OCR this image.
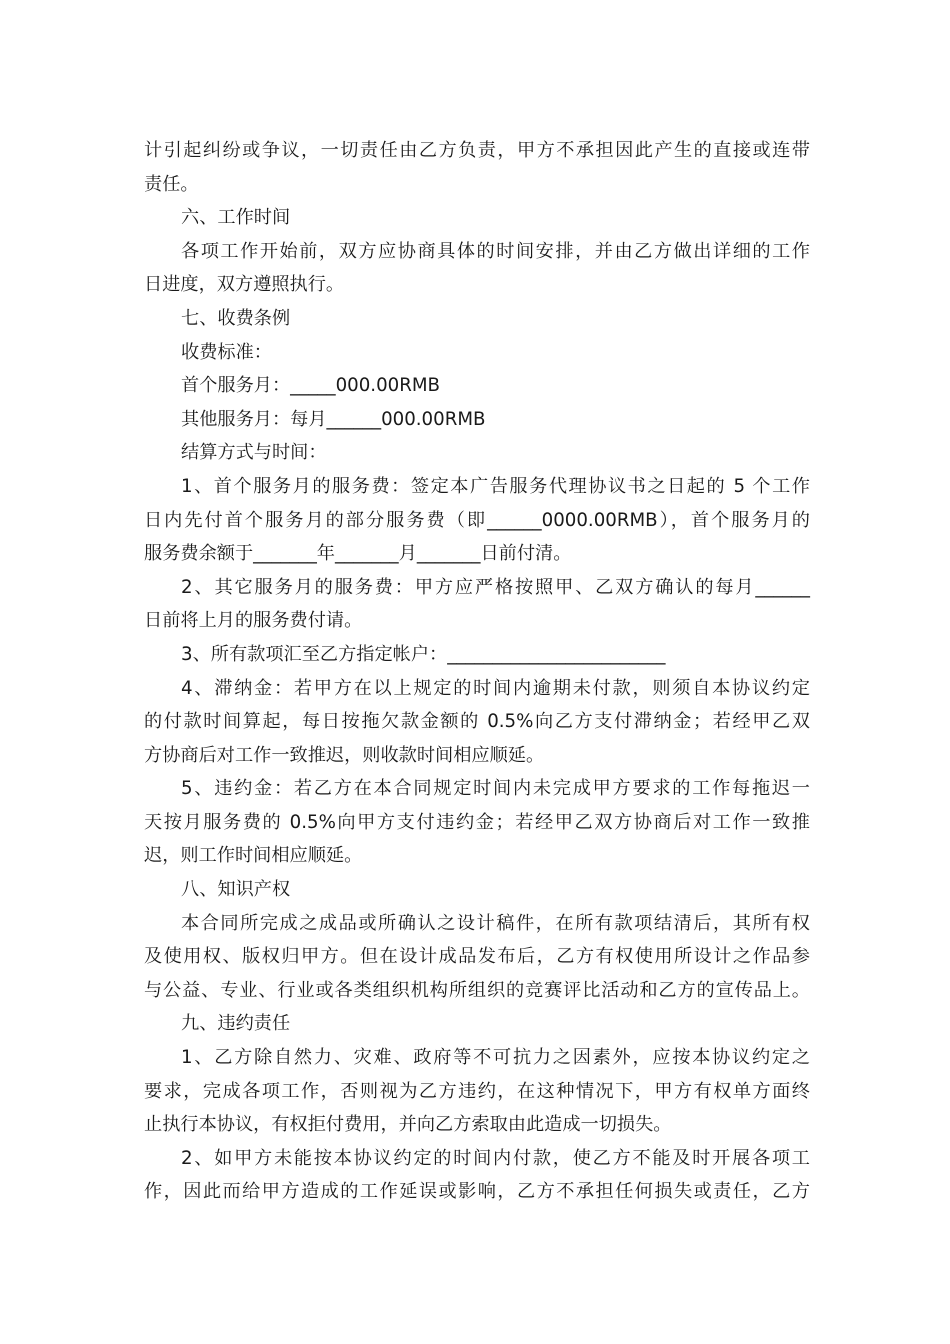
计引起纠纷或争议，一切责任由乙方负责，甲方不承担因此产生的直接或连带
责任。
六、工作时间
各项工作开始前，双方应协商具体的时间安排，并由乙方做出详细的工作
日进度，双方遵照执行。
七、收费条例
收费标准：
首个服务月：_____000.00RMB
其他服务月：每月______000.00RMB
结算方式与时间：
1、首个服务月的服务费：签定本广告服务代理协议书之日起的 5 个工作
日内先付首个服务月的部分服务费（即______0000.00RMB），首个服务月的
服务费余额于_______年_______月_______日前付清。
2、其它服务月的服务费：甲方应严格按照甲、乙双方确认的每月______
日前将上月的服务费付请。
3、所有款项汇至乙方指定帐户：________________________
4、滞纳金：若甲方在以上规定的时间内逾期未付款，则须自本协议约定
的付款时间算起，每日按拖欠款金额的 0.5%向乙方支付滞纳金；若经甲乙双
方协商后对工作一致推迟，则收款时间相应顺延。
5、违约金：若乙方在本合同规定时间内未完成甲方要求的工作每拖迟一
天按月服务费的 0.5%向甲方支付违约金；若经甲乙双方协商后对工作一致推
迟，则工作时间相应顺延。
八、知识产权
本合同所完成之成品或所确认之设计稿件，在所有款项结清后，其所有权
及使用权、版权归甲方。但在设计成品发布后，乙方有权使用所设计之作品参
与公益、专业、行业或各类组织机构所组织的竞赛评比活动和乙方的宣传品上。
九、违约责任
1、乙方除自然力、灾难、政府等不可抗力之因素外，应按本协议约定之
要求，完成各项工作，否则视为乙方违约，在这种情况下，甲方有权单方面终
止执行本协议，有权拒付费用，并向乙方索取由此造成一切损失。
2、如甲方未能按本协议约定的时间内付款，使乙方不能及时开展各项工
作，因此而给甲方造成的工作延误或影响，乙方不承担任何损失或责任，乙方
